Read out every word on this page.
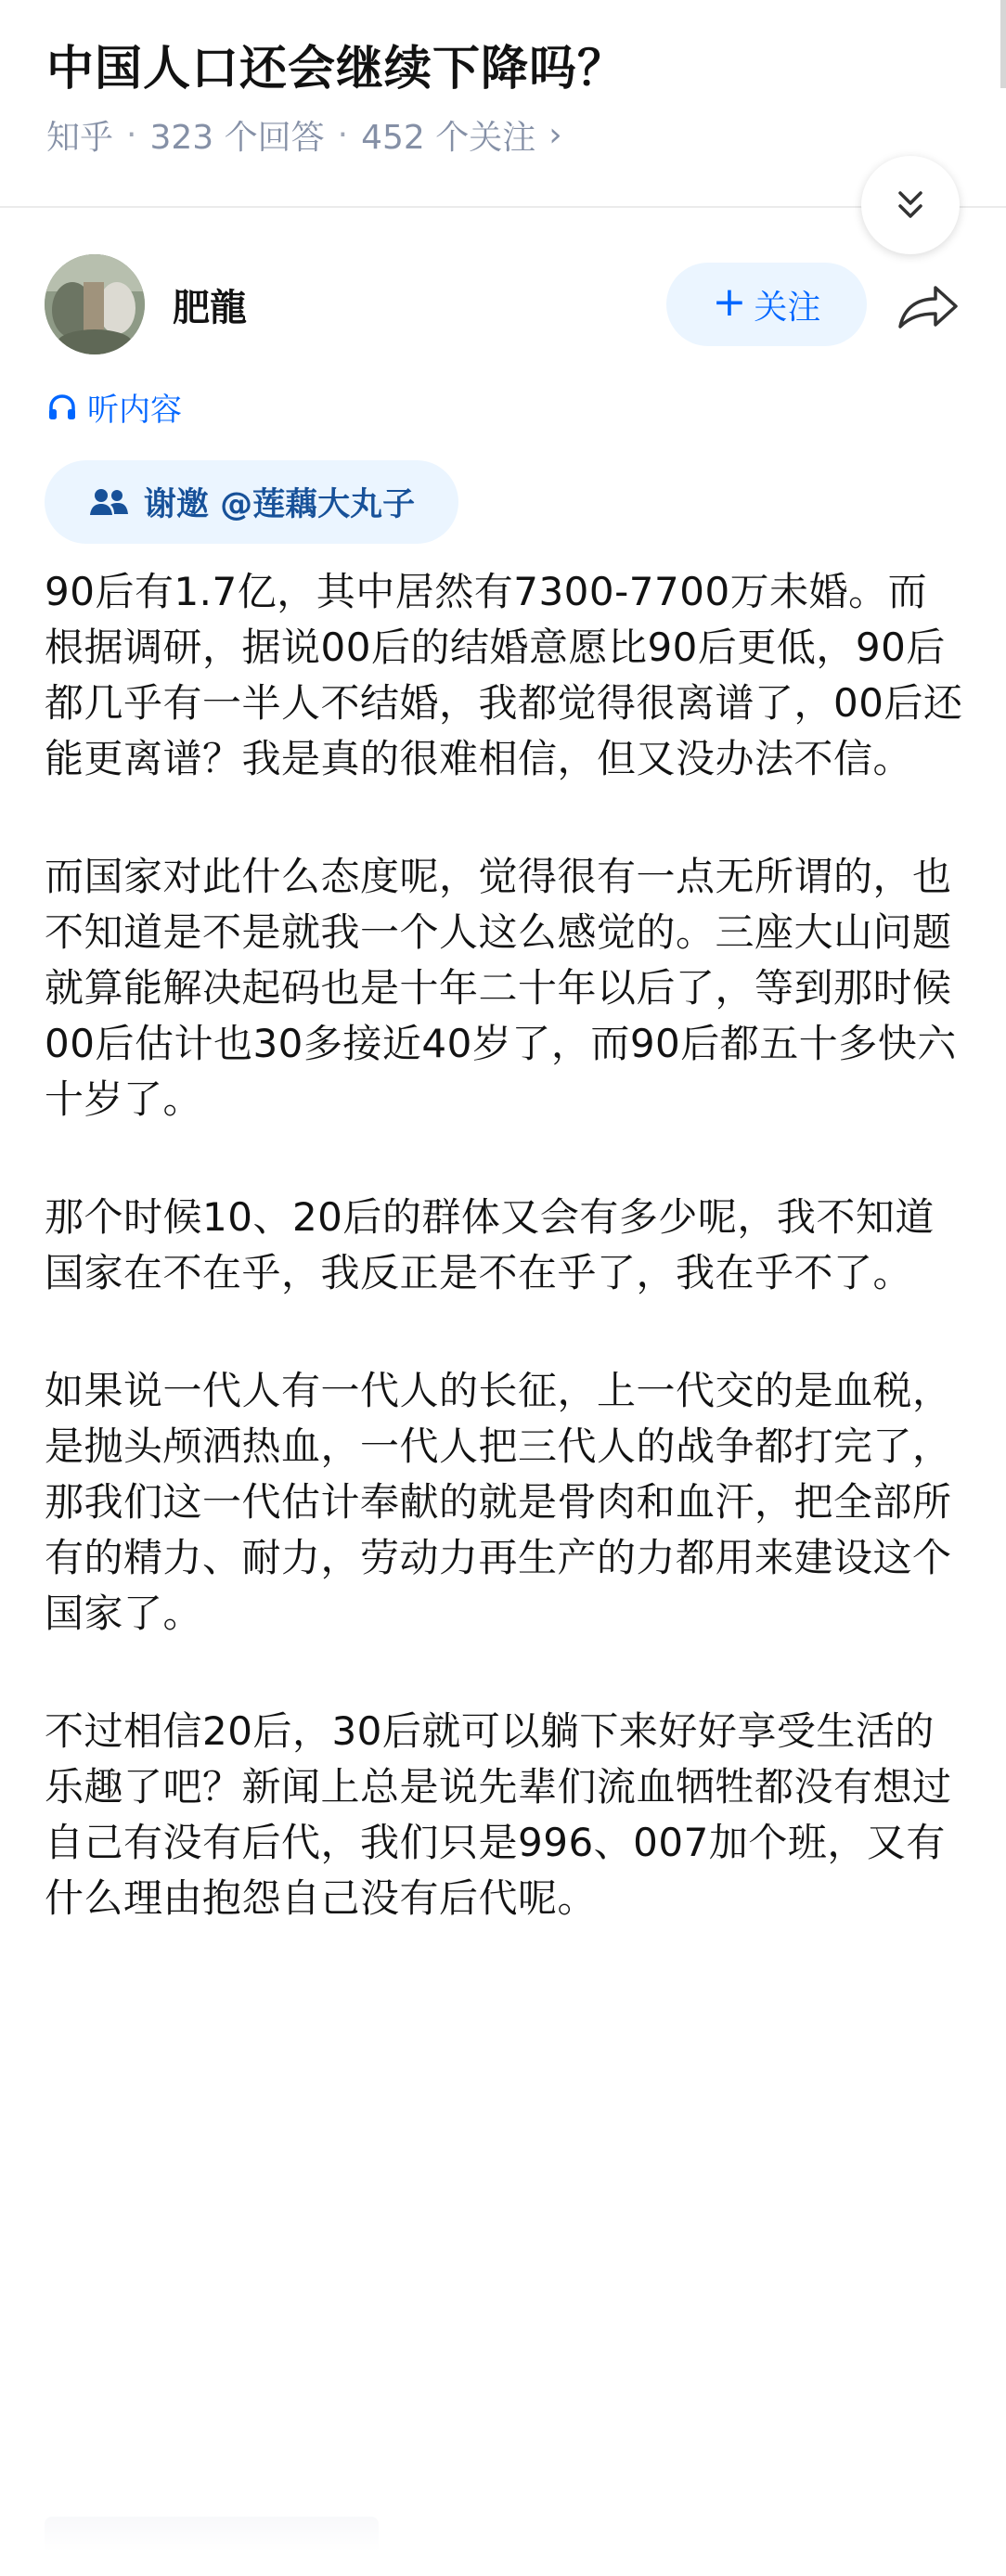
中国人口还会继续下降吗？
知乎 · 323 个回答 · 452 个关注 ›
肥龍	+ 关注
听内容
谢邀 @莲藕大丸子

90后有1.7亿，其中居然有7300-7700万未婚。而根据调研，据说00后的结婚意愿比90后更低，90后都几乎有一半人不结婚，我都觉得很离谱了，00后还能更离谱？我是真的很难相信，但又没办法不信。

而国家对此什么态度呢，觉得很有一点无所谓的，也不知道是不是就我一个人这么感觉的。三座大山问题就算能解决起码也是十年二十年以后了，等到那时候00后估计也30多接近40岁了，而90后都五十多快六十岁了。

那个时候10、20后的群体又会有多少呢，我不知道国家在不在乎，我反正是不在乎了，我在乎不了。

如果说一代人有一代人的长征，上一代交的是血税，是抛头颅洒热血，一代人把三代人的战争都打完了，那我们这一代估计奉献的就是骨肉和血汗，把全部所有的精力、耐力，劳动力再生产的力都用来建设这个国家了。

不过相信20后，30后就可以躺下来好好享受生活的乐趣了吧？新闻上总是说先辈们流血牺牲都没有想过自己有没有后代，我们只是996、007加个班，又有什么理由抱怨自己没有后代呢。
